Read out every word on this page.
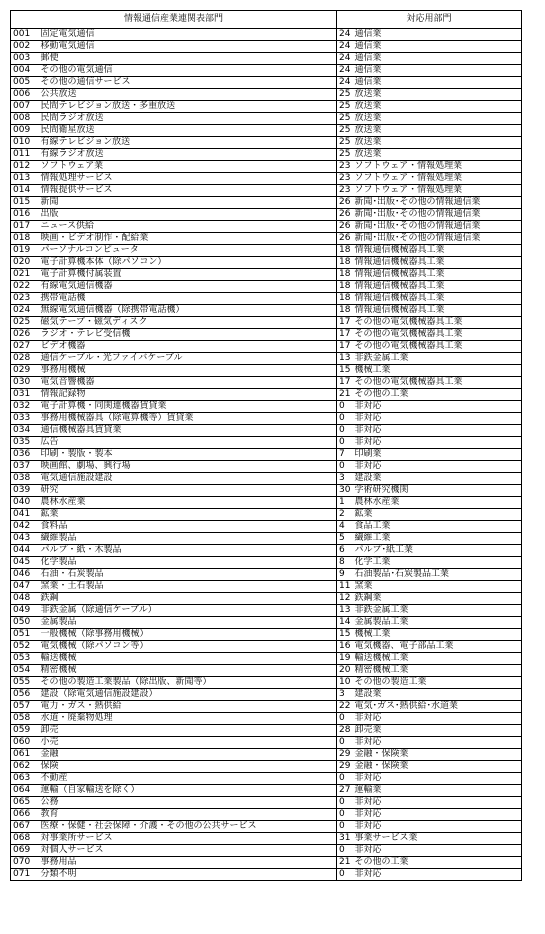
情報通信産業連関表部門		対応用部門	
001	固定電気通信	24	通信業
002	移動電気通信	24	通信業
003	郵便	24	通信業
004	その他の電気通信	24	通信業
005	その他の通信サービス	24	通信業
006	公共放送	25	放送業
007	民間テレビジョン放送・多重放送	25	放送業
008	民間ラジオ放送	25	放送業
009	民間衛星放送	25	放送業
010	有線テレビジョン放送	25	放送業
011	有線ラジオ放送	25	放送業
012	ソフトウェア業	23	ソフトウェア・情報処理業
013	情報処理サービス	23	ソフトウェア・情報処理業
014	情報提供サービス	23	ソフトウェア・情報処理業
015	新聞	26	新聞･出版･その他の情報通信業
016	出版	26	新聞･出版･その他の情報通信業
017	ニュース供給	26	新聞･出版･その他の情報通信業
018	映画・ビデオ制作・配給業	26	新聞･出版･その他の情報通信業
019	パーソナルコンピュータ	18	情報通信機械器具工業
020	電子計算機本体（除パソコン）	18	情報通信機械器具工業
021	電子計算機付属装置	18	情報通信機械器具工業
022	有線電気通信機器	18	情報通信機械器具工業
023	携帯電話機	18	情報通信機械器具工業
024	無線電気通信機器（除携帯電話機）	18	情報通信機械器具工業
025	磁気テープ・磁気ディスク	17	その他の電気機械器具工業
026	ラジオ・テレビ受信機	17	その他の電気機械器具工業
027	ビデオ機器	17	その他の電気機械器具工業
028	通信ケーブル・光ファイバケーブル	13	非鉄金属工業
029	事務用機械	15	機械工業
030	電気音響機器	17	その他の電気機械器具工業
031	情報記録物	21	その他の工業
032	電子計算機・同関連機器賃貸業	0	非対応
033	事務用機械器具（除電算機等）賃貸業	0	非対応
034	通信機械器具賃貸業	0	非対応
035	広告	0	非対応
036	印刷・製版・製本	7	印刷業
037	映画館、劇場、興行場	0	非対応
038	電気通信施設建設	3	建設業
039	研究	30	学術研究機関
040	農林水産業	1	農林水産業
041	鉱業	2	鉱業
042	食料品	4	食品工業
043	繊維製品	5	繊維工業
044	パルプ・紙・木製品	6	パルプ･紙工業
045	化学製品	8	化学工業
046	石油・石炭製品	9	石油製品･石炭製品工業
047	窯業・土石製品	11	窯業
048	鉄鋼	12	鉄鋼業
049	非鉄金属（除通信ケーブル）	13	非鉄金属工業
050	金属製品	14	金属製品工業
051	一般機械（除事務用機械）	15	機械工業
052	電気機械（除パソコン等）	16	電気機器、電子部品工業
053	輸送機械	19	輸送機械工業
054	精密機械	20	精密機械工業
055	その他の製造工業製品（除出版、新聞等）	10	その他の製造工業
056	建設（除電気通信施設建設）	3	建設業
057	電力・ガス・熱供給	22	電気･ガス･熱供給･水道業
058	水道・廃棄物処理	0	非対応
059	卸売	28	卸売業
060	小売	0	非対応
061	金融	29	金融・保険業
062	保険	29	金融・保険業
063	不動産	0	非対応
064	運輸（自家輸送を除く）	27	運輸業
065	公務	0	非対応
066	教育	0	非対応
067	医療・保健・社会保障・介護・その他の公共サービス	0	非対応
068	対事業所サービス	31	事業サービス業
069	対個人サービス	0	非対応
070	事務用品	21	その他の工業
071	分類不明	0	非対応
